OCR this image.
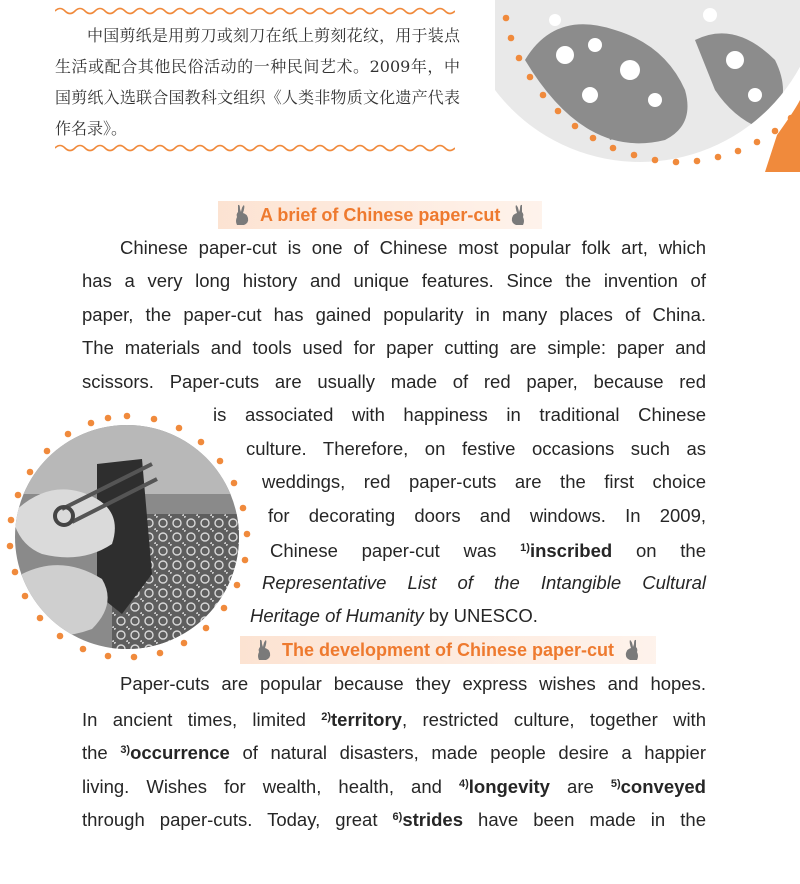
中国剪纸是用剪刀或刻刀在纸上剪刻花纹，用于装点生活或配合其他民俗活动的一种民间艺术。2009年，中国剪纸入选联合国教科文组织《人类非物质文化遗产代表作名录》。

A brief of Chinese paper-cut
Chinese paper-cut is one of Chinese most popular folk art, which
has a very long history and unique features. Since the invention of
paper, the paper-cut has gained popularity in many places of China.
The materials and tools used for paper cutting are simple: paper and
scissors. Paper-cuts are usually made of red paper, because red
is associated with happiness in traditional Chinese
culture. Therefore, on festive occasions such as
weddings, red paper-cuts are the first choice
for decorating doors and windows. In 2009,
Chinese paper-cut was $^{1)}$inscribed on the
Representative List of the Intangible Cultural
Heritage of Humanity by UNESCO.
The development of Chinese paper-cut
Paper-cuts are popular because they express wishes and hopes.
In ancient times, limited $^{2)}$territory, restricted culture, together with
the $^{3)}$occurrence of natural disasters, made people desire a happier
living. Wishes for wealth, health, and $^{4)}$longevity are $^{5)}$conveyed
through paper-cuts. Today, great $^{6)}$strides have been made in the
